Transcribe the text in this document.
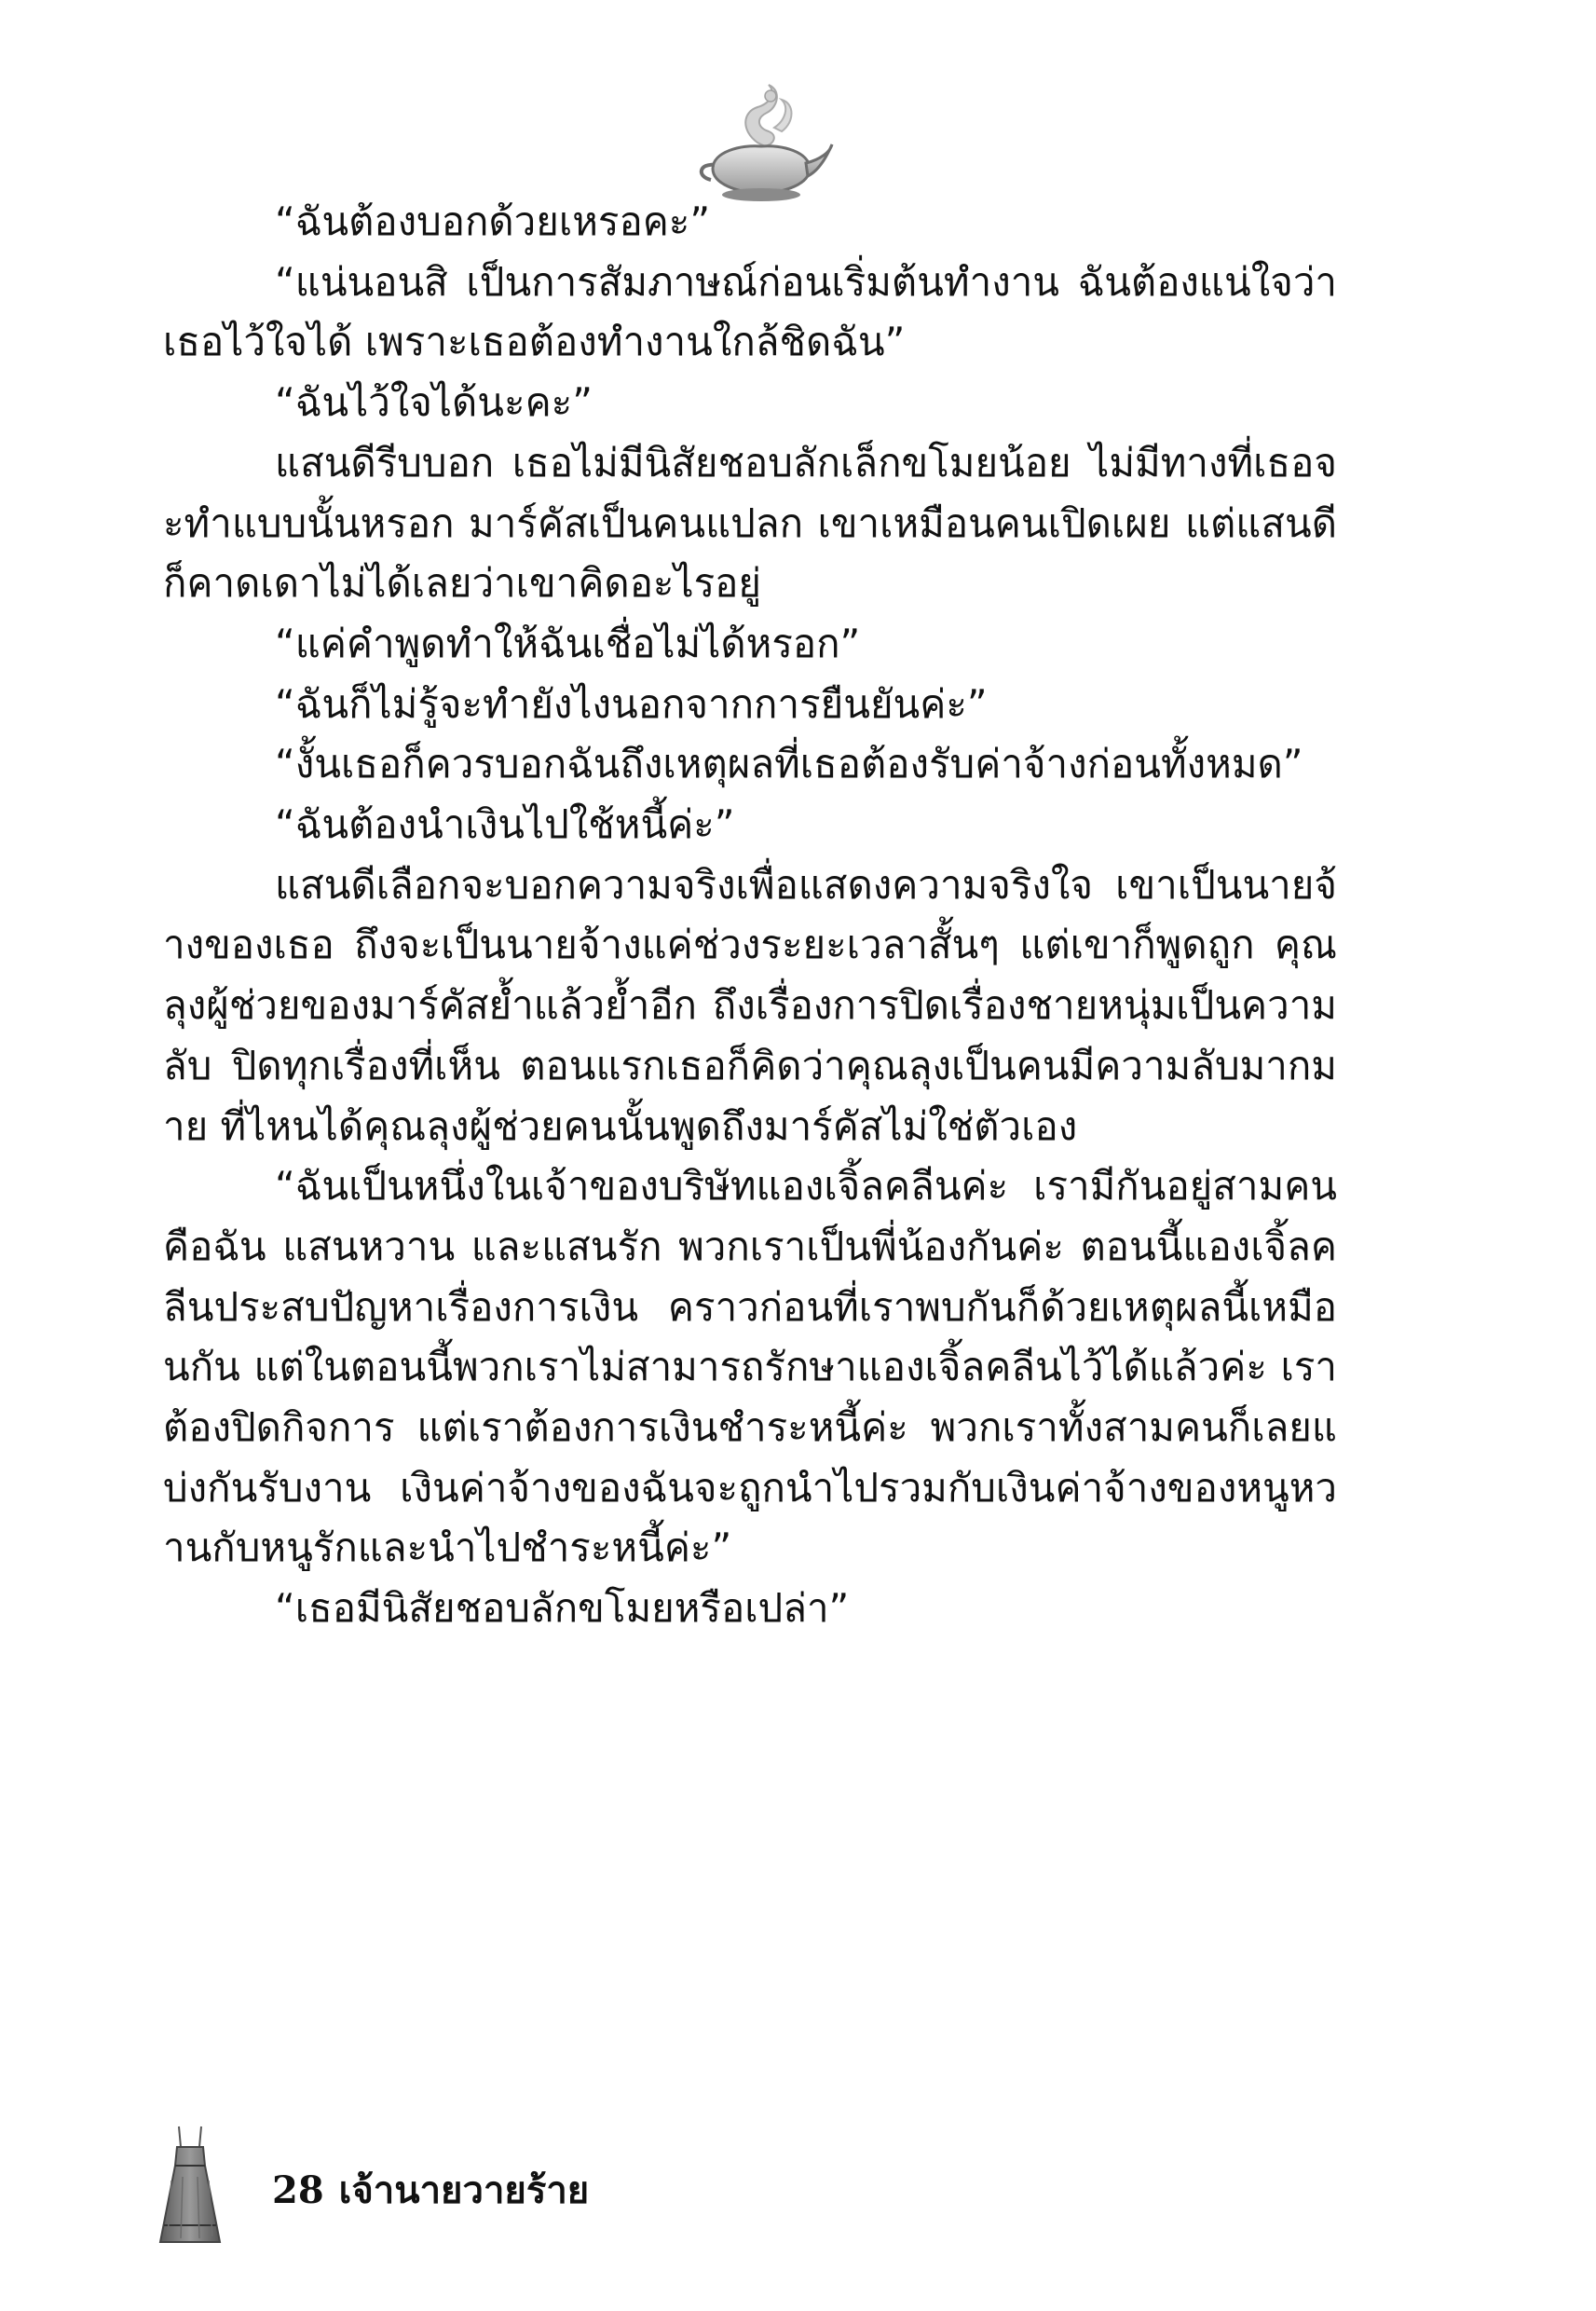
“ฉันต้องบอกด้วยเหรอคะ”

“แน่นอนสิ เป็นการสัมภาษณ์ก่อนเริ่มต้นทำงาน ฉันต้องแน่ใจว่าเธอไว้ใจได้ เพราะเธอต้องทำงานใกล้ชิดฉัน”

“ฉันไว้ใจได้นะคะ”

แสนดีรีบบอก เธอไม่มีนิสัยชอบลักเล็กขโมยน้อย ไม่มีทางที่เธอจะทำแบบนั้นหรอก มาร์คัสเป็นคนแปลก เขาเหมือนคนเปิดเผย แต่แสนดีก็คาดเดาไม่ได้เลยว่าเขาคิดอะไรอยู่

“แค่คำพูดทำให้ฉันเชื่อไม่ได้หรอก”

“ฉันก็ไม่รู้จะทำยังไงนอกจากการยืนยันค่ะ”

“งั้นเธอก็ควรบอกฉันถึงเหตุผลที่เธอต้องรับค่าจ้างก่อนทั้งหมด”

“ฉันต้องนำเงินไปใช้หนี้ค่ะ”

แสนดีเลือกจะบอกความจริงเพื่อแสดงความจริงใจ เขาเป็นนายจ้างของเธอ ถึงจะเป็นนายจ้างแค่ช่วงระยะเวลาสั้นๆ แต่เขาก็พูดถูก คุณลุงผู้ช่วยของมาร์คัสย้ำแล้วย้ำอีก ถึงเรื่องการปิดเรื่องชายหนุ่มเป็นความลับ ปิดทุกเรื่องที่เห็น ตอนแรกเธอก็คิดว่าคุณลุงเป็นคนมีความลับมากมาย ที่ไหนได้คุณลุงผู้ช่วยคนนั้นพูดถึงมาร์คัสไม่ใช่ตัวเอง

“ฉันเป็นหนึ่งในเจ้าของบริษัทแองเจิ้ลคลีนค่ะ เรามีกันอยู่สามคนคือฉัน แสนหวาน และแสนรัก พวกเราเป็นพี่น้องกันค่ะ ตอนนี้แองเจิ้ลคลีนประสบปัญหาเรื่องการเงิน คราวก่อนที่เราพบกันก็ด้วยเหตุผลนี้เหมือนกัน แต่ในตอนนี้พวกเราไม่สามารถรักษาแองเจิ้ลคลีนไว้ได้แล้วค่ะ เราต้องปิดกิจการ แต่เราต้องการเงินชำระหนี้ค่ะ พวกเราทั้งสามคนก็เลยแบ่งกันรับงาน เงินค่าจ้างของฉันจะถูกนำไปรวมกับเงินค่าจ้างของหนูหวานกับหนูรักและนำไปชำระหนี้ค่ะ”

“เธอมีนิสัยชอบลักขโมยหรือเปล่า”

28 เจ้านายวายร้าย
